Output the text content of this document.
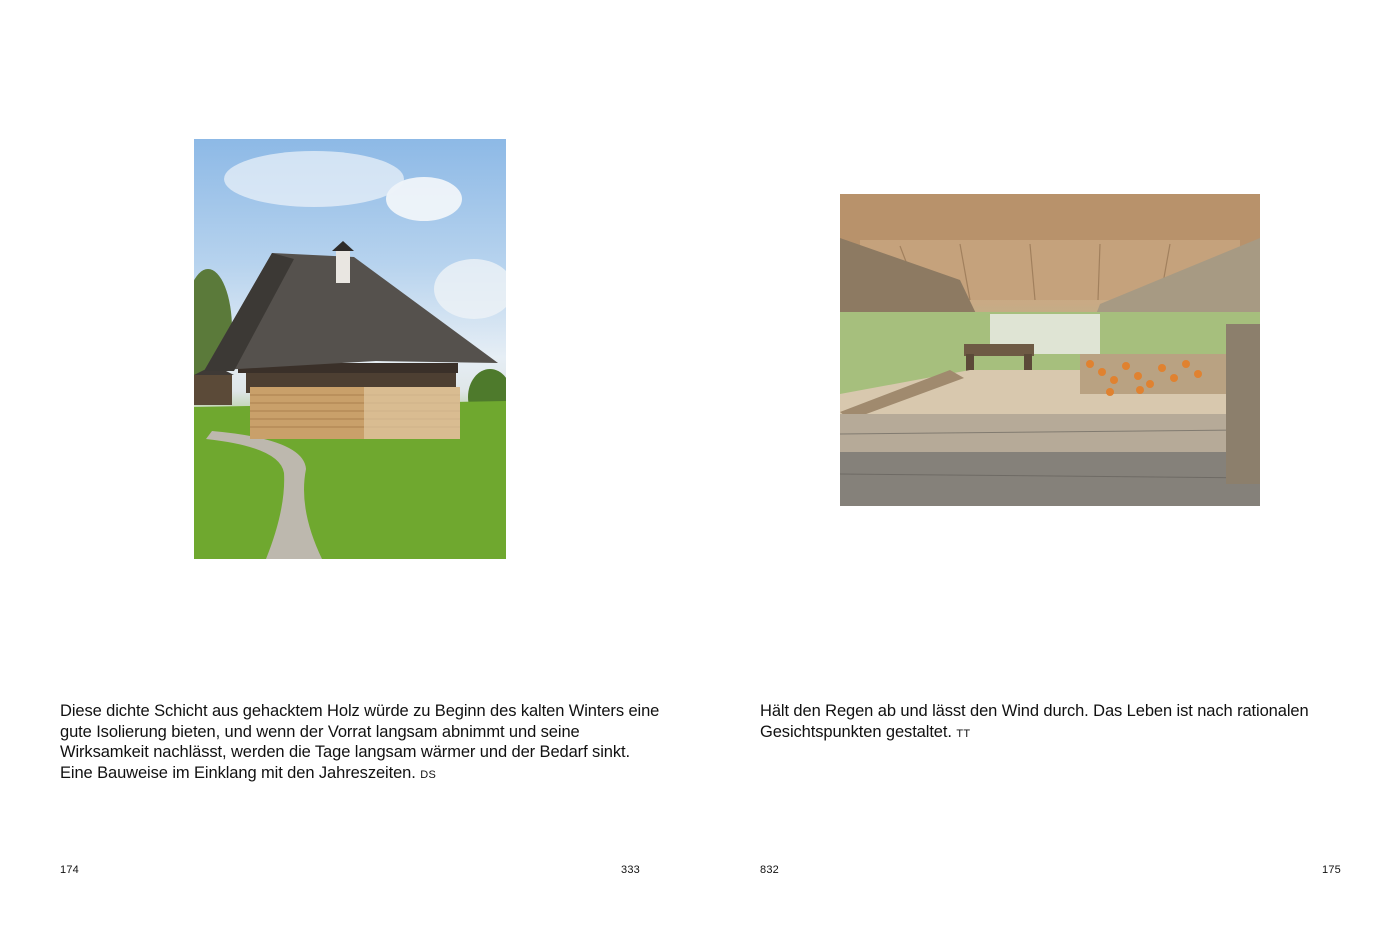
Diese dichte Schicht aus gehacktem Holz würde zu Beginn des kalten Winters eine gute Isolierung bieten, und wenn der Vorrat langsam abnimmt und seine Wirksamkeit nachlässt, werden die Tage langsam wärmer und der Bedarf sinkt. Eine Bauweise im Einklang mit den Jahreszeiten. DS

174	333

Hält den Regen ab und lässt den Wind durch. Das Leben ist nach rationalen Gesichtspunkten gestaltet. TT

832	175
